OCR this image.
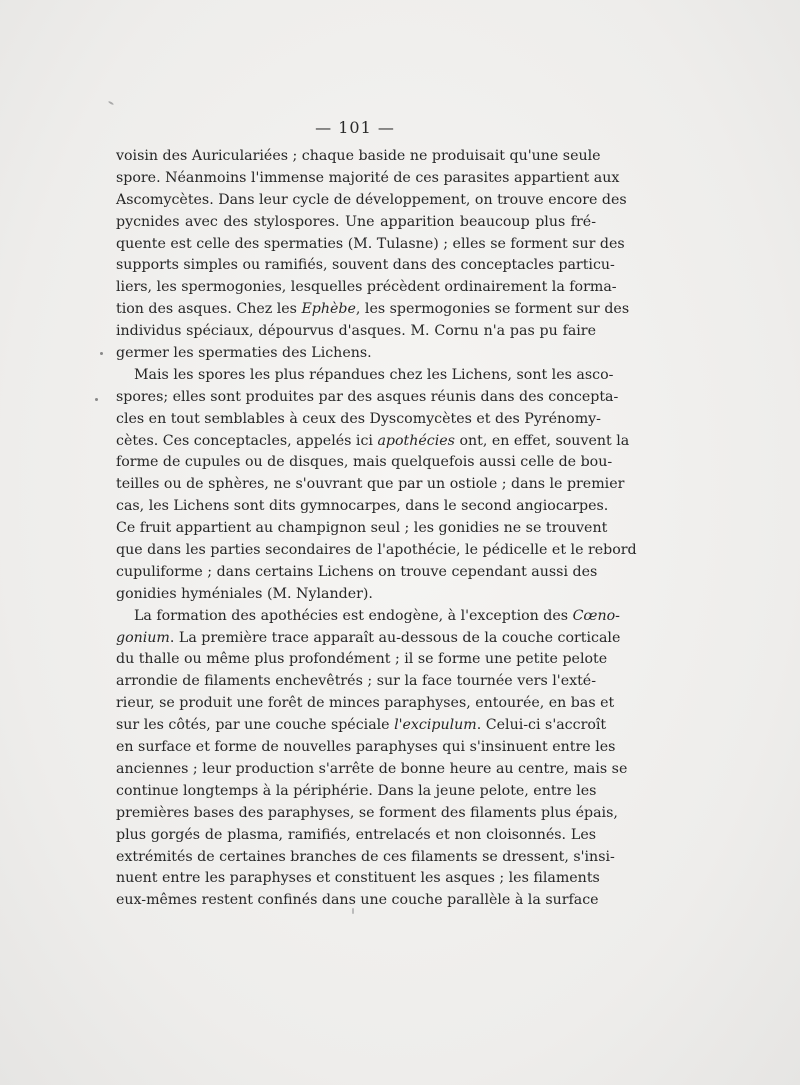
— 101 —
voisin des Auriculariées ; chaque baside ne produisait qu'une seule
spore. Néanmoins l'immense majorité de ces parasites appartient aux
Ascomycètes. Dans leur cycle de développement, on trouve encore des
pycnides avec des stylospores. Une apparition beaucoup plus fré-
quente est celle des spermaties (M. Tulasne) ; elles se forment sur des
supports simples ou ramifiés, souvent dans des conceptacles particu-
liers, les spermogonies, lesquelles précèdent ordinairement la forma-
tion des asques. Chez les Ephèbe, les spermogonies se forment sur des
individus spéciaux, dépourvus d'asques. M. Cornu n'a pas pu faire
germer les spermaties des Lichens.
Mais les spores les plus répandues chez les Lichens, sont les asco-
spores; elles sont produites par des asques réunis dans des concepta-
cles en tout semblables à ceux des Dyscomycètes et des Pyrénomy-
cètes. Ces conceptacles, appelés ici apothécies ont, en effet, souvent la
forme de cupules ou de disques, mais quelquefois aussi celle de bou-
teilles ou de sphères, ne s'ouvrant que par un ostiole ; dans le premier
cas, les Lichens sont dits gymnocarpes, dans le second angiocarpes.
Ce fruit appartient au champignon seul ; les gonidies ne se trouvent
que dans les parties secondaires de l'apothécie, le pédicelle et le rebord
cupuliforme ; dans certains Lichens on trouve cependant aussi des
gonidies hyméniales (M. Nylander).
La formation des apothécies est endogène, à l'exception des Cœno-
gonium. La première trace apparaît au-dessous de la couche corticale
du thalle ou même plus profondément ; il se forme une petite pelote
arrondie de filaments enchevêtrés ; sur la face tournée vers l'exté-
rieur, se produit une forêt de minces paraphyses, entourée, en bas et
sur les côtés, par une couche spéciale l'excipulum. Celui-ci s'accroît
en surface et forme de nouvelles paraphyses qui s'insinuent entre les
anciennes ; leur production s'arrête de bonne heure au centre, mais se
continue longtemps à la périphérie. Dans la jeune pelote, entre les
premières bases des paraphyses, se forment des filaments plus épais,
plus gorgés de plasma, ramifiés, entrelacés et non cloisonnés. Les
extrémités de certaines branches de ces filaments se dressent, s'insi-
nuent entre les paraphyses et constituent les asques ; les filaments
eux-mêmes restent confinés dans une couche parallèle à la surface
